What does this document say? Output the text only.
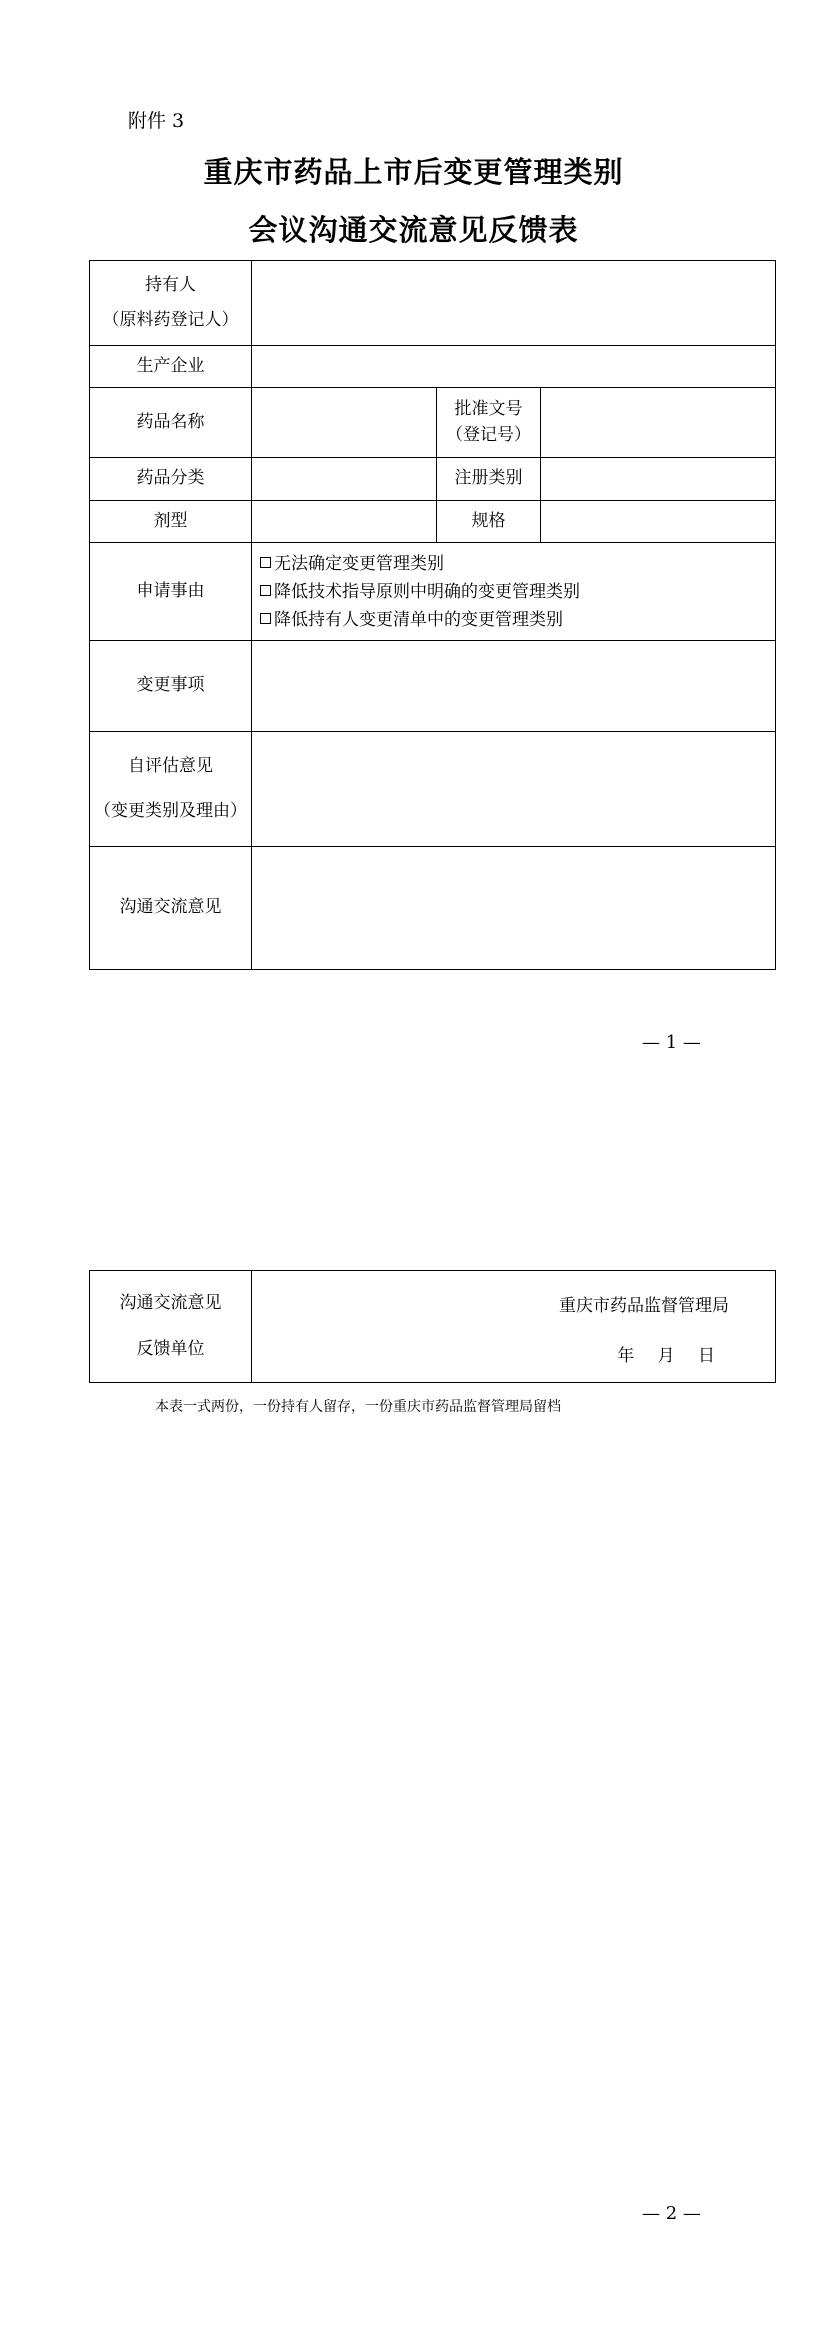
附件 3
重庆市药品上市后变更管理类别
会议沟通交流意见反馈表
持有人
（原料药登记人）			

生产企业			
药品名称		批准文号
（登记号）	

药品分类		注册类别	
剂型		规格	
申请事由	无法确定变更管理类别
降低技术指导原则中明确的变更管理类别
降低持有人变更清单中的变更管理类别		

变更事项			

自评估意见
（变更类别及理由）			

沟通交流意见			
— 1 —
沟通交流意见
反馈单位

重庆市药品监督管理局
年 月 日
本表一式两份，一份持有人留存，一份重庆市药品监督管理局留档
— 2 —
